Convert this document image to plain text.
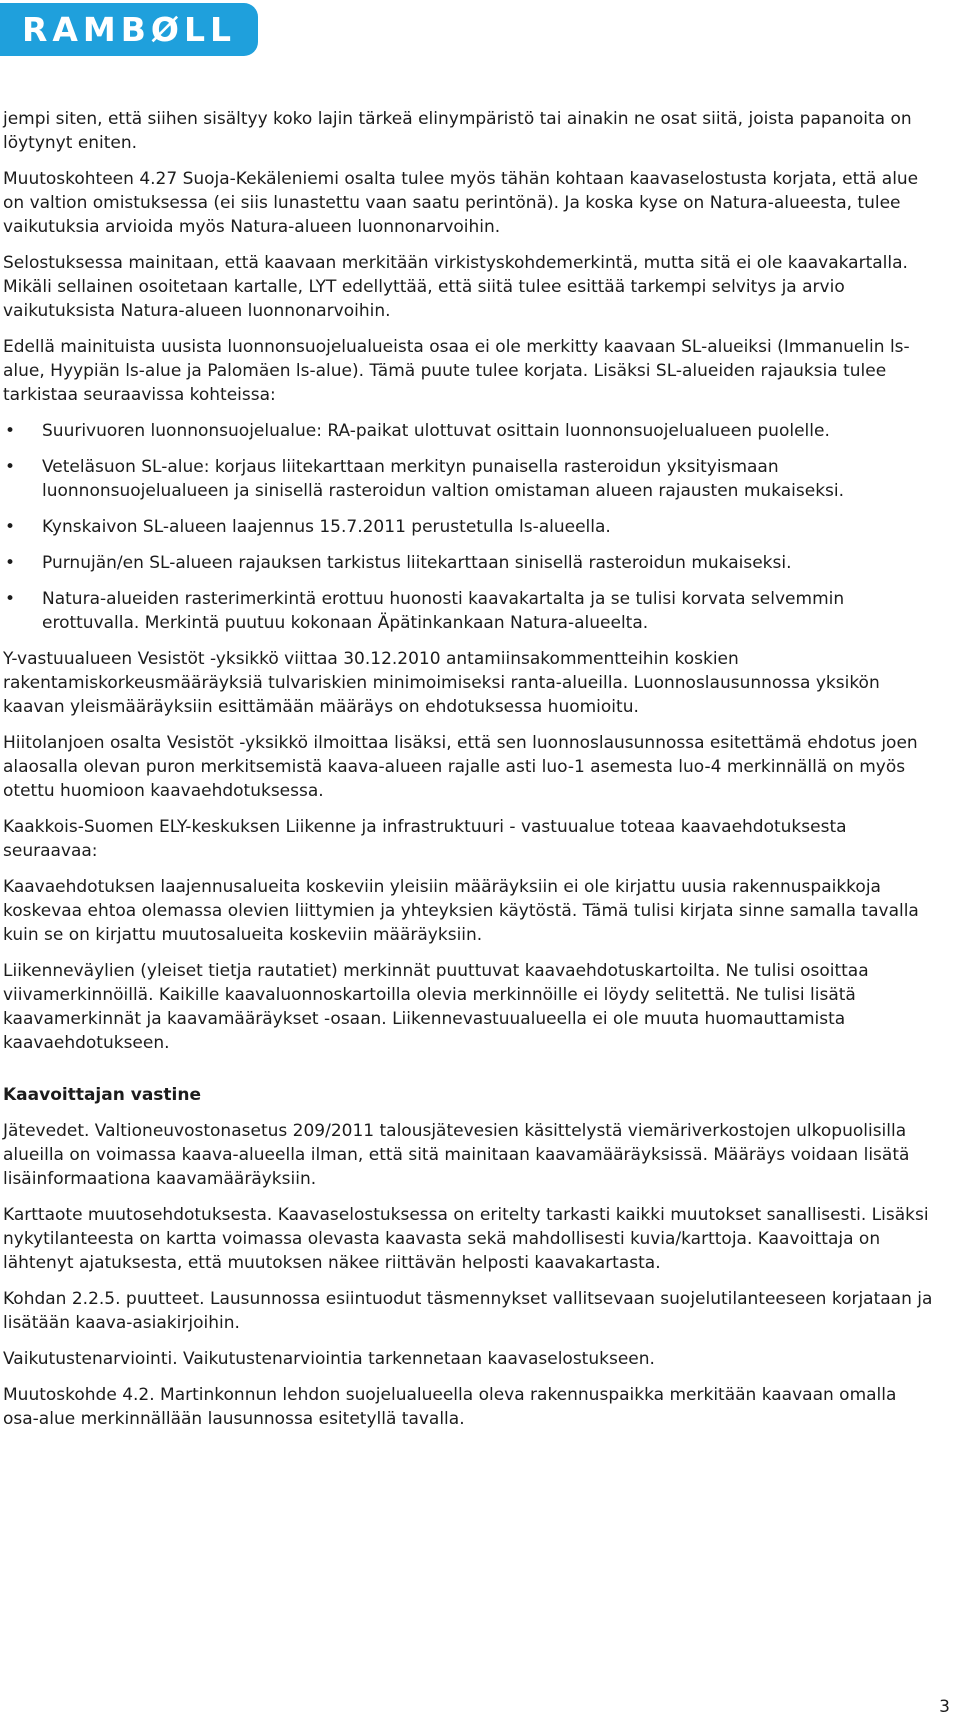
RAMBØLL

jempi siten, että siihen sisältyy koko lajin tärkeä elinympäristö tai ainakin ne osat siitä, joista papanoita on löytynyt eniten.

Muutoskohteen 4.27 Suoja-Kekäleniemi osalta tulee myös tähän kohtaan kaavaselostusta korjata, että alue on valtion omistuksessa (ei siis lunastettu vaan saatu perintönä). Ja koska kyse on Natura-alueesta, tulee vaikutuksia arvioida myös Natura-alueen luonnonarvoihin.

Selostuksessa mainitaan, että kaavaan merkitään virkistyskohdemerkintä, mutta sitä ei ole kaavakartalla. Mikäli sellainen osoitetaan kartalle, LYT edellyttää, että siitä tulee esittää tarkempi selvitys ja arvio vaikutuksista Natura-alueen luonnonarvoihin.

Edellä mainituista uusista luonnonsuojelualueista osaa ei ole merkitty kaavaan SL-alueiksi (Immanuelin ls-alue, Hyypiän ls-alue ja Palomäen ls-alue). Tämä puute tulee korjata. Lisäksi SL-alueiden rajauksia tulee tarkistaa seuraavissa kohteissa:

• Suurivuoren luonnonsuojelualue: RA-paikat ulottuvat osittain luonnonsuojelualueen puolelle.
• Veteläsuon SL-alue: korjaus liitekarttaan merkityn punaisella rasteroidun yksityismaan luonnonsuojelualueen ja sinisellä rasteroidun valtion omistaman alueen rajausten mukaiseksi.
• Kynskaivon SL-alueen laajennus 15.7.2011 perustetulla ls-alueella.
• Purnujän/en SL-alueen rajauksen tarkistus liitekarttaan sinisellä rasteroidun mukaiseksi.
• Natura-alueiden rasterimerkintä erottuu huonosti kaavakartalta ja se tulisi korvata selvemmin erottuvalla. Merkintä puutuu kokonaan Äpätinkankaan Natura-alueelta.

Y-vastuualueen Vesistöt -yksikkö viittaa 30.12.2010 antamiinsakommentteihin koskien rakentamiskorkeusmääräyksiä tulvariskien minimoimiseksi ranta-alueilla. Luonnoslausunnossa yksikön kaavan yleismääräyksiin esittämään määräys on ehdotuksessa huomioitu.

Hiitolanjoen osalta Vesistöt -yksikkö ilmoittaa lisäksi, että sen luonnoslausunnossa esitettämä ehdotus joen alaosalla olevan puron merkitsemistä kaava-alueen rajalle asti luo-1 asemesta luo-4 merkinnällä on myös otettu huomioon kaavaehdotuksessa.

Kaakkois-Suomen ELY-keskuksen Liikenne ja infrastruktuuri - vastuualue toteaa kaavaehdotuksesta seuraavaa:

Kaavaehdotuksen laajennusalueita koskeviin yleisiin määräyksiin ei ole kirjattu uusia rakennuspaikkoja koskevaa ehtoa olemassa olevien liittymien ja yhteyksien käytöstä. Tämä tulisi kirjata sinne samalla tavalla kuin se on kirjattu muutosalueita koskeviin määräyksiin.

Liikenneväylien (yleiset tietja rautatiet) merkinnät puuttuvat kaavaehdotuskartoilta. Ne tulisi osoittaa viivamerkinnöillä. Kaikille kaavaluonnoskartoilla olevia merkinnöille ei löydy selitettä. Ne tulisi lisätä kaavamerkinnät ja kaavamääräykset -osaan. Liikennevastuualueella ei ole muuta huomauttamista kaavaehdotukseen.

Kaavoittajan vastine

Jätevedet. Valtioneuvostonasetus 209/2011 talousjätevesien käsittelystä viemäriverkostojen ulkopuolisilla alueilla on voimassa kaava-alueella ilman, että sitä mainitaan kaavamääräyksissä. Määräys voidaan lisätä lisäinformaationa kaavamääräyksiin.

Karttaote muutosehdotuksesta. Kaavaselostuksessa on eritelty tarkasti kaikki muutokset sanallisesti. Lisäksi nykytilanteesta on kartta voimassa olevasta kaavasta sekä mahdollisesti kuvia/karttoja. Kaavoittaja on lähtenyt ajatuksesta, että muutoksen näkee riittävän helposti kaavakartasta.

Kohdan 2.2.5. puutteet. Lausunnossa esiintuodut täsmennykset vallitsevaan suojelutilanteeseen korjataan ja lisätään kaava-asiakirjoihin.

Vaikutustenarviointi. Vaikutustenarviointia tarkennetaan kaavaselostukseen.

Muutoskohde 4.2. Martinkonnun lehdon suojelualueella oleva rakennuspaikka merkitään kaavaan omalla osa-alue merkinnällään lausunnossa esitetyllä tavalla.

3
